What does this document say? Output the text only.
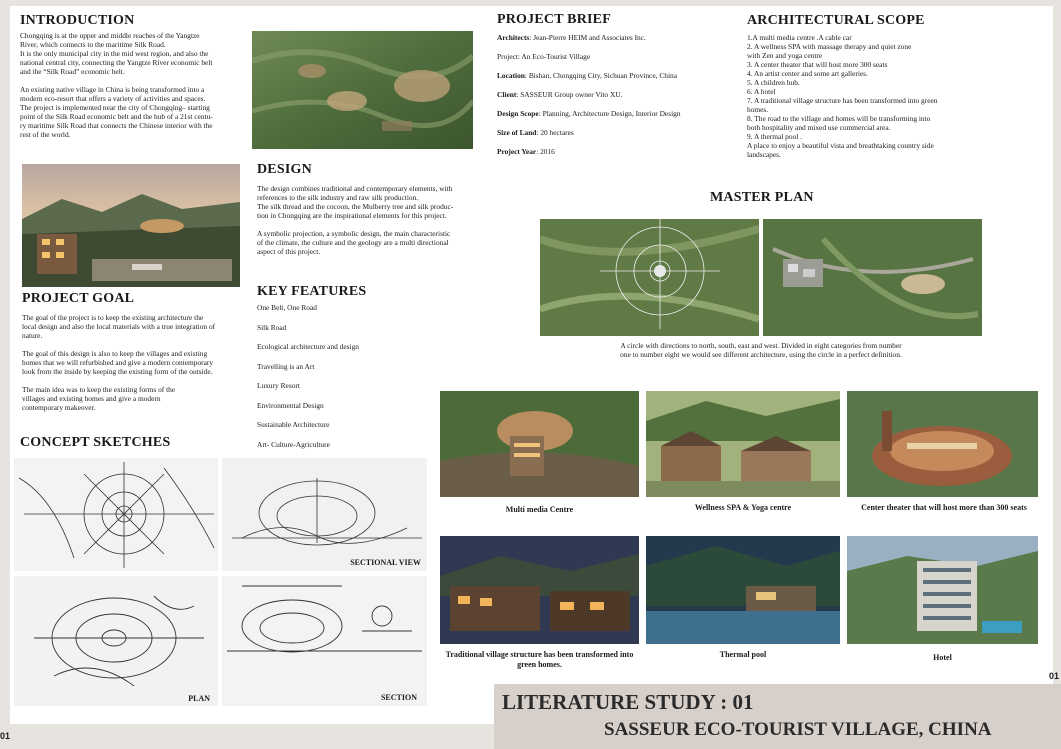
INTRODUCTION

Chongqing is at the upper and middle reaches of the Yangtze
River, which connects to the maritime Silk Road.
It is the only municipal city in the mid west region, and also the
national central city, connecting the Yangtze River economic belt
and the “Silk Road” economic belt.

An existing native village in China is being transformed into a
modern eco-resort that offers a variety of activities and spaces.
The project is implemented near the city of Chongqing– starting
point of the Silk Road economic belt and the hub of a 21st centu-
ry maritime Silk Road that connects the Chinese interior with the
rest of the world.

DESIGN

The design combines traditional and contemporary elements, with
references to the silk industry and raw silk production.
The silk thread and the cocoon, the Mulberry tree and silk produc-
tion in Chongqing are the inspirational elements for this project.

A symbolic projection, a symbolic design, the main characteristic
of the climate, the culture and the geology are a multi directional
aspect of this project.

PROJECT GOAL

The goal of the project is to keep the existing architecture the
local design and also the local materials with a true integration of
nature.

The goal of this design is also to keep the villages and existing
homes that we will refurbished and give a modern contemporary
look from the inside by keeping the existing form of the outside.

The main idea was to keep the existing forms of the
villages and existing homes and give a modern
contemporary makeover.

KEY FEATURES

One Belt, One Road

Silk Road

Ecological architecture and design

Travelling is an Art

Luxury Resort

Environmental Design

Sustainable Architecture

Art- Culture-Agriculture

CONCEPT SKETCHES
SECTIONAL VIEW
PLAN	SECTION
PROJECT BRIEF

Architects: Jean-Pierre HEIM and Associates Inc.

Project: An Eco-Tourist Village

Location: Bishan, Chongqing City, Sichuan Province, China

Client: SASSEUR Group owner Vito XU.

Design Scope: Planning, Architecture Design, Interior Design

Size of Land: 20 hectares

Project Year: 2016

ARCHITECTURAL SCOPE

1.A multi media centre .A cable car
2. A wellness SPA with massage therapy and quiet zone
with Zen and yoga centre
3. A center theater that will host more 300 seats
4. An artist center and some art galleries.
5. A children hub.
6. A hotel
7. A traditional village structure has been transformed into green
homes.
8. The road to the village and homes will be transforming into
both hospitality and mixed use commercial area.
9. A thermal pool .
A place to enjoy a beautiful vista and breathtaking country side
landscapes.

MASTER PLAN

A circle with directions to north, south, east and west. Divided in eight categories from number
one to number eight we would see different architecture, using the circle in a perfect definition.

Multi media Centre	Wellness SPA & Yoga centre	Center theater that will host more than 300 seats
Traditional village structure has been transformed into green homes.
Thermal pool	Hotel
01
01
LITERATURE STUDY : 01
SASSEUR ECO-TOURIST VILLAGE, CHINA
